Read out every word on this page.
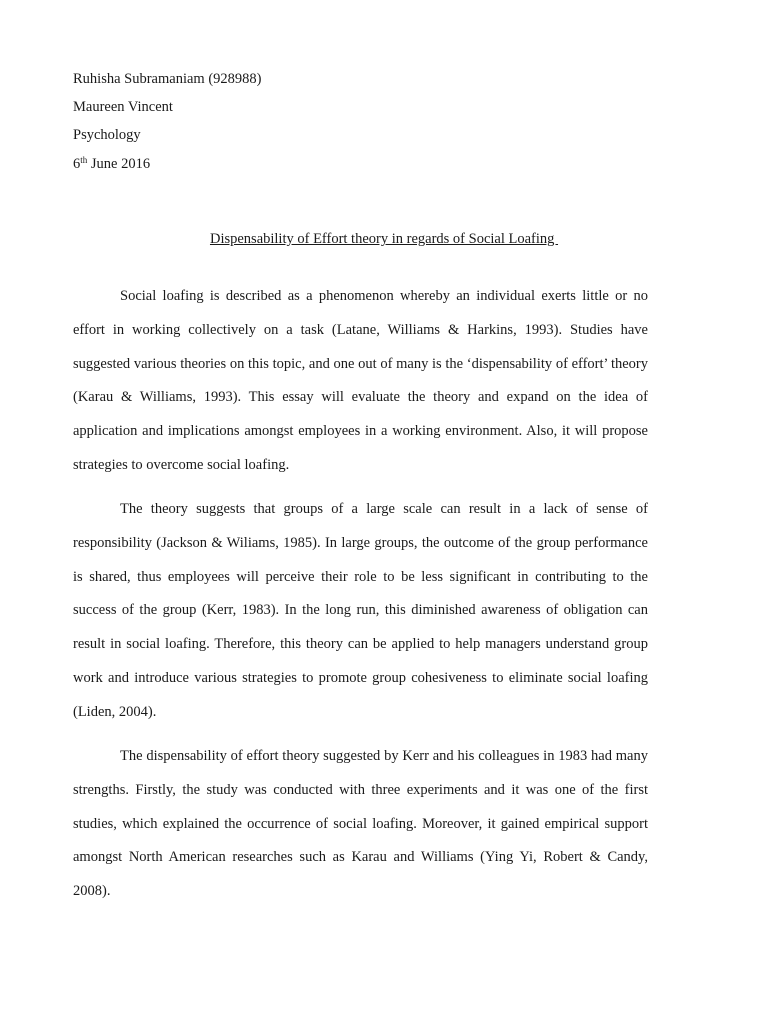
Ruhisha Subramaniam (928988)
Maureen Vincent
Psychology
6th June 2016
Dispensability of Effort theory in regards of Social Loafing

Social loafing is described as a phenomenon whereby an individual exerts little or no effort in working collectively on a task (Latane, Williams & Harkins, 1993). Studies have suggested various theories on this topic, and one out of many is the ‘dispensability of effort’ theory (Karau & Williams, 1993). This essay will evaluate the theory and expand on the idea of application and implications amongst employees in a working environment. Also, it will propose strategies to overcome social loafing.

The theory suggests that groups of a large scale can result in a lack of sense of responsibility (Jackson & Wiliams, 1985). In large groups, the outcome of the group performance is shared, thus employees will perceive their role to be less significant in contributing to the success of the group (Kerr, 1983). In the long run, this diminished awareness of obligation can result in social loafing. Therefore, this theory can be applied to help managers understand group work and introduce various strategies to promote group cohesiveness to eliminate social loafing (Liden, 2004).

The dispensability of effort theory suggested by Kerr and his colleagues in 1983 had many strengths. Firstly, the study was conducted with three experiments and it was one of the first studies, which explained the occurrence of social loafing. Moreover, it gained empirical support amongst North American researches such as Karau and Williams (Ying Yi, Robert & Candy, 2008).
